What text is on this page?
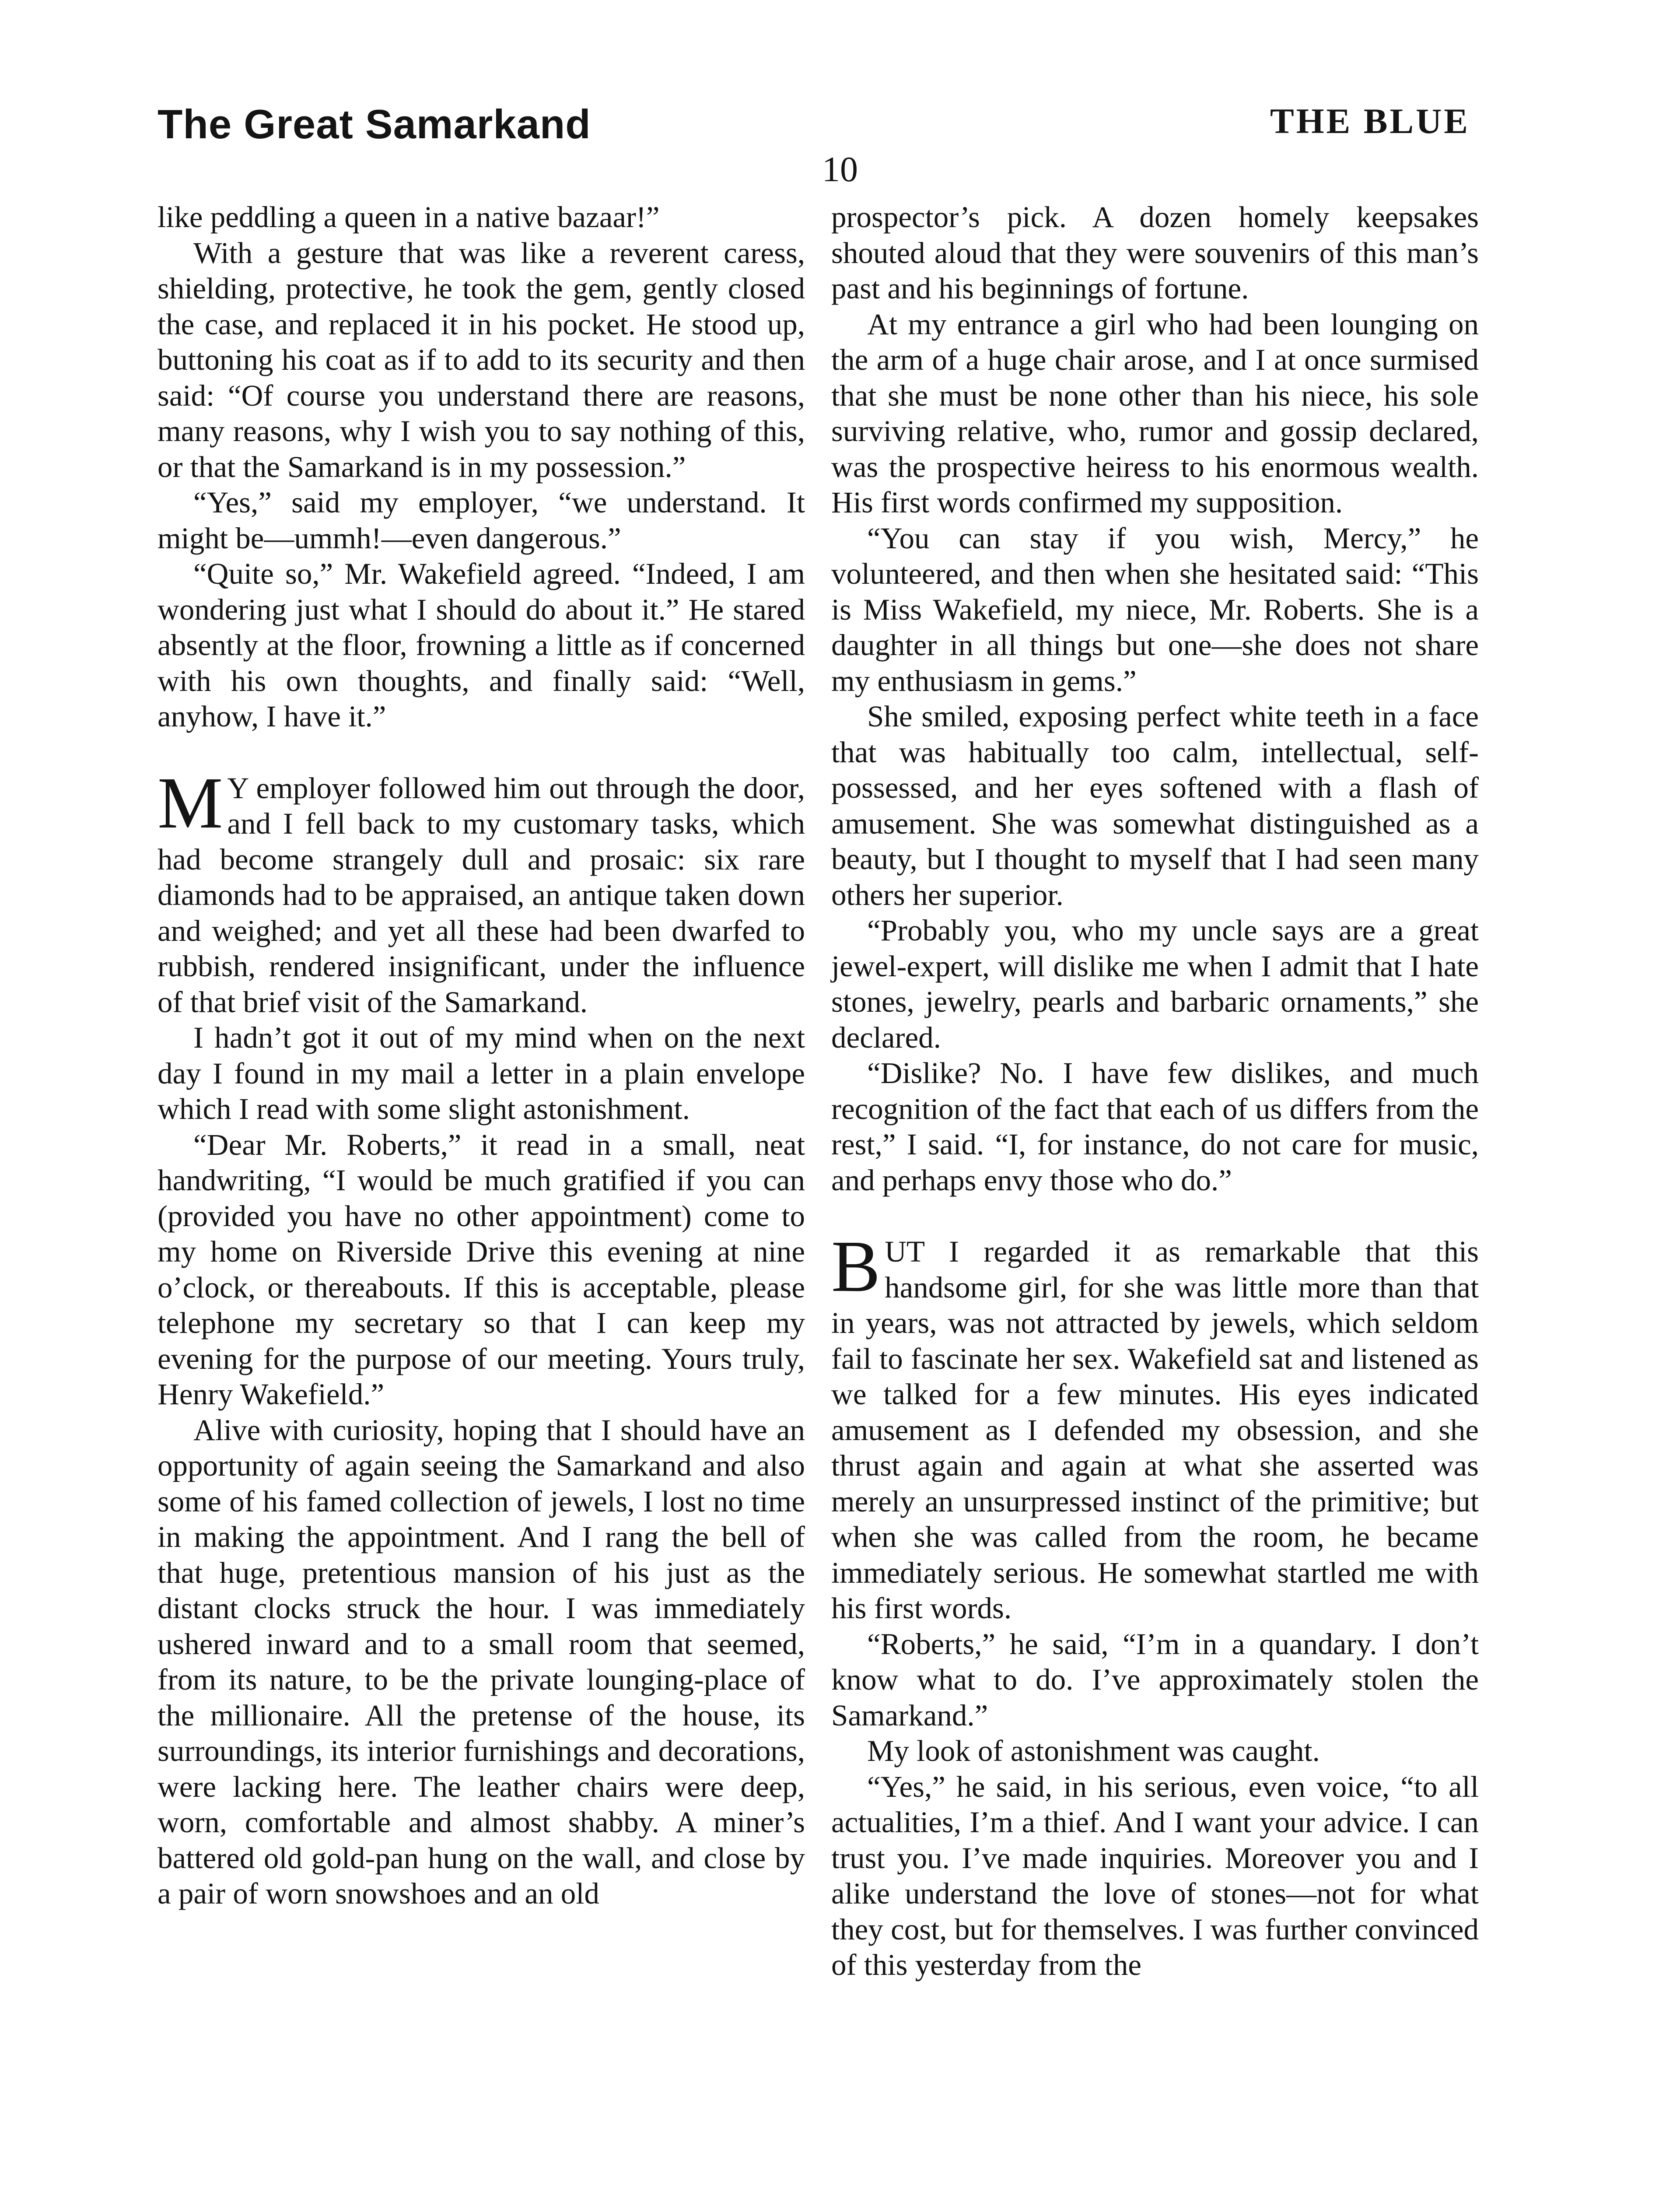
The Great Samarkand	THE BLUE
10

like peddling a queen in a native bazaar!”

With a gesture that was like a reverent caress, shielding, protective, he took the gem, gently closed the case, and replaced it in his pocket. He stood up, buttoning his coat as if to add to its security and then said: “Of course you understand there are reasons, many reasons, why I wish you to say nothing of this, or that the Samarkand is in my possession.”

“Yes,” said my employer, “we understand. It might be—ummh!—even dangerous.”

“Quite so,” Mr. Wakefield agreed. “Indeed, I am wondering just what I should do about it.” He stared absently at the floor, frowning a little as if concerned with his own thoughts, and finally said: “Well, anyhow, I have it.”

M Y employer followed him out through the door, and I fell back to my customary tasks, which had become strangely dull and prosaic: six rare diamonds had to be appraised, an antique taken down and weighed; and yet all these had been dwarfed to rubbish, rendered insignificant, under the influence of that brief visit of the Samarkand.

I hadn’t got it out of my mind when on the next day I found in my mail a letter in a plain envelope which I read with some slight astonishment.

“Dear Mr. Roberts,” it read in a small, neat handwriting, “I would be much gratified if you can (provided you have no other appointment) come to my home on Riverside Drive this evening at nine o’clock, or thereabouts. If this is acceptable, please telephone my secretary so that I can keep my evening for the purpose of our meeting. Yours truly, Henry Wakefield.”

Alive with curiosity, hoping that I should have an opportunity of again seeing the Samarkand and also some of his famed collection of jewels, I lost no time in making the appointment. And I rang the bell of that huge, pretentious mansion of his just as the distant clocks struck the hour. I was immediately ushered inward and to a small room that seemed, from its nature, to be the private lounging-place of the millionaire. All the pretense of the house, its surroundings, its interior furnishings and decorations, were lacking here. The leather chairs were deep, worn, comfortable and almost shabby. A miner’s battered old gold-pan hung on the wall, and close by a pair of worn snowshoes and an old

prospector’s pick. A dozen homely keepsakes shouted aloud that they were souvenirs of this man’s past and his beginnings of fortune.

At my entrance a girl who had been lounging on the arm of a huge chair arose, and I at once surmised that she must be none other than his niece, his sole surviving relative, who, rumor and gossip declared, was the prospective heiress to his enormous wealth. His first words confirmed my supposition.

“You can stay if you wish, Mercy,” he volunteered, and then when she hesitated said: “This is Miss Wakefield, my niece, Mr. Roberts. She is a daughter in all things but one—she does not share my enthusiasm in gems.”

She smiled, exposing perfect white teeth in a face that was habitually too calm, intellectual, self-possessed, and her eyes softened with a flash of amusement. She was somewhat distinguished as a beauty, but I thought to myself that I had seen many others her superior.

“Probably you, who my uncle says are a great jewel-expert, will dislike me when I admit that I hate stones, jewelry, pearls and barbaric ornaments,” she declared.

“Dislike? No. I have few dislikes, and much recognition of the fact that each of us differs from the rest,” I said. “I, for instance, do not care for music, and perhaps envy those who do.”

BUT I regarded it as remarkable that this handsome girl, for she was little more than that in years, was not attracted by jewels, which seldom fail to fascinate her sex. Wakefield sat and listened as we talked for a few minutes. His eyes indicated amusement as I defended my obsession, and she thrust again and again at what she asserted was merely an unsurpressed instinct of the primitive; but when she was called from the room, he became immediately serious. He somewhat startled me with his first words.

“Roberts,” he said, “I’m in a quandary. I don’t know what to do. I’ve approximately stolen the Samarkand.”

My look of astonishment was caught.

“Yes,” he said, in his serious, even voice, “to all actualities, I’m a thief. And I want your advice. I can trust you. I’ve made inquiries. Moreover you and I alike understand the love of stones—not for what they cost, but for themselves. I was further convinced of this yesterday from the
